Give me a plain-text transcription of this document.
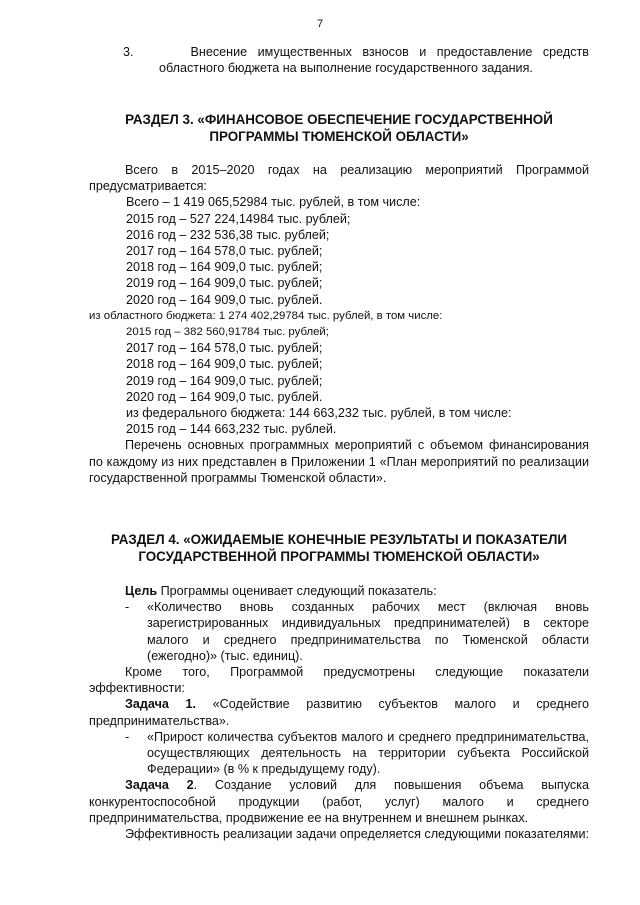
7
3.	Внесение имущественных взносов и предоставление средств областного бюджета на выполнение государственного задания.
РАЗДЕЛ 3. «ФИНАНСОВОЕ ОБЕСПЕЧЕНИЕ ГОСУДАРСТВЕННОЙ
ПРОГРАММЫ ТЮМЕНСКОЙ ОБЛАСТИ»

Всего в 2015–2020 годах на реализацию мероприятий Программой предусматривается:

Всего – 1 419 065,52984 тыс. рублей, в том числе:
2015 год – 527 224,14984 тыс. рублей;
2016 год – 232 536,38 тыс. рублей;
2017 год – 164 578,0 тыс. рублей;
2018 год – 164 909,0 тыс. рублей;
2019 год – 164 909,0 тыс. рублей;
2020 год – 164 909,0 тыс. рублей.
из областного бюджета: 1 274 402,29784 тыс. рублей, в том числе:
2015 год – 382 560,91784 тыс. рублей;
2017 год – 164 578,0 тыс. рублей;
2018 год – 164 909,0 тыс. рублей;
2019 год – 164 909,0 тыс. рублей;
2020 год – 164 909,0 тыс. рублей.
из федерального бюджета: 144 663,232 тыс. рублей, в том числе:
2015 год – 144 663,232 тыс. рублей.

Перечень основных программных мероприятий с объемом финансирования по каждому из них представлен в Приложении 1 «План мероприятий по реализации государственной программы Тюменской области».

РАЗДЕЛ 4. «ОЖИДАЕМЫЕ КОНЕЧНЫЕ РЕЗУЛЬТАТЫ И ПОКАЗАТЕЛИ
ГОСУДАРСТВЕННОЙ ПРОГРАММЫ ТЮМЕНСКОЙ ОБЛАСТИ»

Цель Программы оценивает следующий показатель:

-	«Количество вновь созданных рабочих мест (включая вновь зарегистрированных индивидуальных предпринимателей) в секторе малого и среднего предпринимательства по Тюменской области (ежегодно)» (тыс. единиц).

Кроме того, Программой предусмотрены следующие показатели эффективности:

Задача 1. «Содействие развитию субъектов малого и среднего предпринимательства».

-	«Прирост количества субъектов малого и среднего предпринимательства, осуществляющих деятельность на территории субъекта Российской Федерации» (в % к предыдущему году).

Задача 2. Создание условий для повышения объема выпуска конкурентоспособной продукции (работ, услуг) малого и среднего предпринимательства, продвижение ее на внутреннем и внешнем рынках.

Эффективность реализации задачи определяется следующими показателями:
